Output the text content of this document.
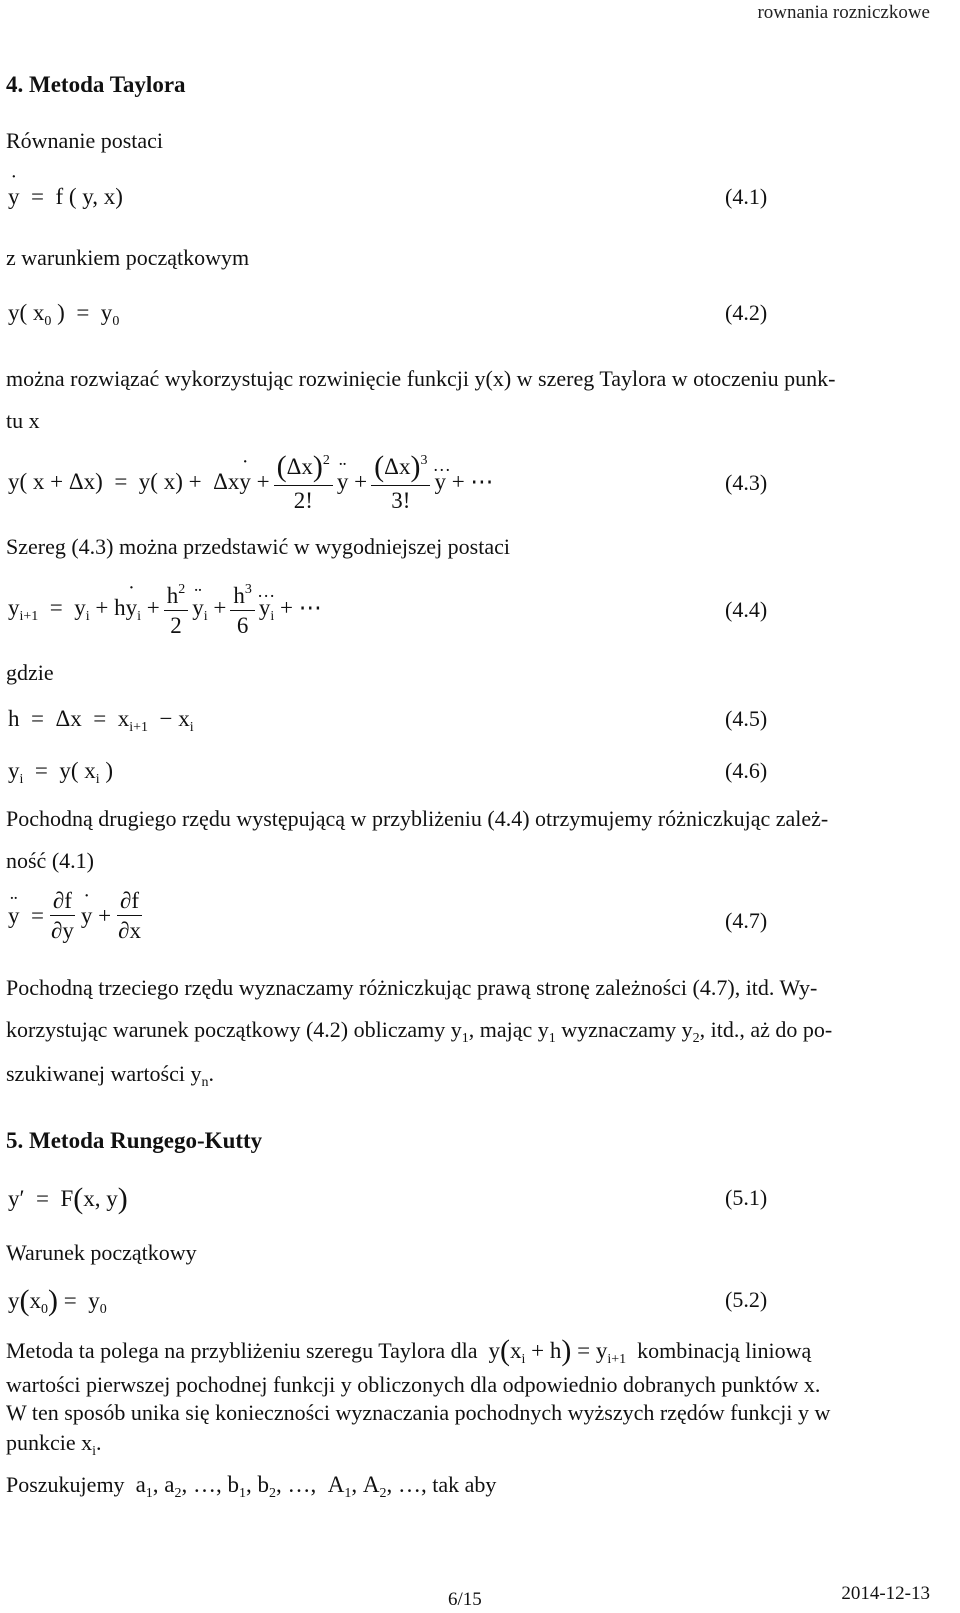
rownania rozniczkowe
4. Metoda Taylora
Równanie postaci
˙ y  =  f ( y, x)	(4.1)
z warunkiem początkowym
y( $x_0$ )  =  $y_0$	(4.2)
można rozwiązać wykorzystując rozwinięcie funkcji y(x) w szereg Taylora w otoczeniu punk-
tu x
y( x + Δx)  =  y( x) +  Δx˙ $y + \frac{(\Delta x)^2}{2!}$ ¨ $y + \frac{(\Delta x)^3}{3!}$ … y + ⋯	(4.3)
Szereg (4.3) można przedstawić w wygodniejszej postaci
$y_{i+1} = y_i$ + h˙ $y_i + \frac{h^2}{2}$ ¨ $y_i + \frac{h^3}{6}$ … $y_i$ + ⋯	(4.4)
gdzie
$h = \Delta x = x_{i+1} - x_i$	(4.5)
$y_i = y$( $x_i$ )	(4.6)
Pochodną drugiego rzędu występującą w przybliżeniu (4.4) otrzymujemy różniczkując zależ-
ność (4.1)
¨ $y = \frac{\partial f}{\partial y}$ ˙ $y + \frac{\partial f}{\partial x}$	(4.7)
Pochodną trzeciego rzędu wyznaczamy różniczkując prawą stronę zależności (4.7), itd. Wy-
korzystując warunek początkowy (4.2) obliczamy $y_1$, mając $y_1$ wyznaczamy $y_2$, itd., aż do po-
szukiwanej wartości $y_n$.
5. Metoda Rungego-Kutty
y′  =  F(x, y)	(5.1)
Warunek początkowy
$y(x_0) = y_0$	(5.2)
Metoda ta polega na przybliżeniu szeregu Taylora dla $y(x_i + h) = y_{i+1}$ kombinacją liniową
wartości pierwszej pochodnej funkcji y obliczonych dla odpowiednio dobranych punktów x.
W ten sposób unika się konieczności wyznaczania pochodnych wyższych rzędów funkcji y w
punkcie $x_i$.
Poszukujemy $a_1$, $a_2$, …, $b_1$, $b_2$, …,  $A_1$, $A_2$, …, tak aby
6/15	2014-12-13
